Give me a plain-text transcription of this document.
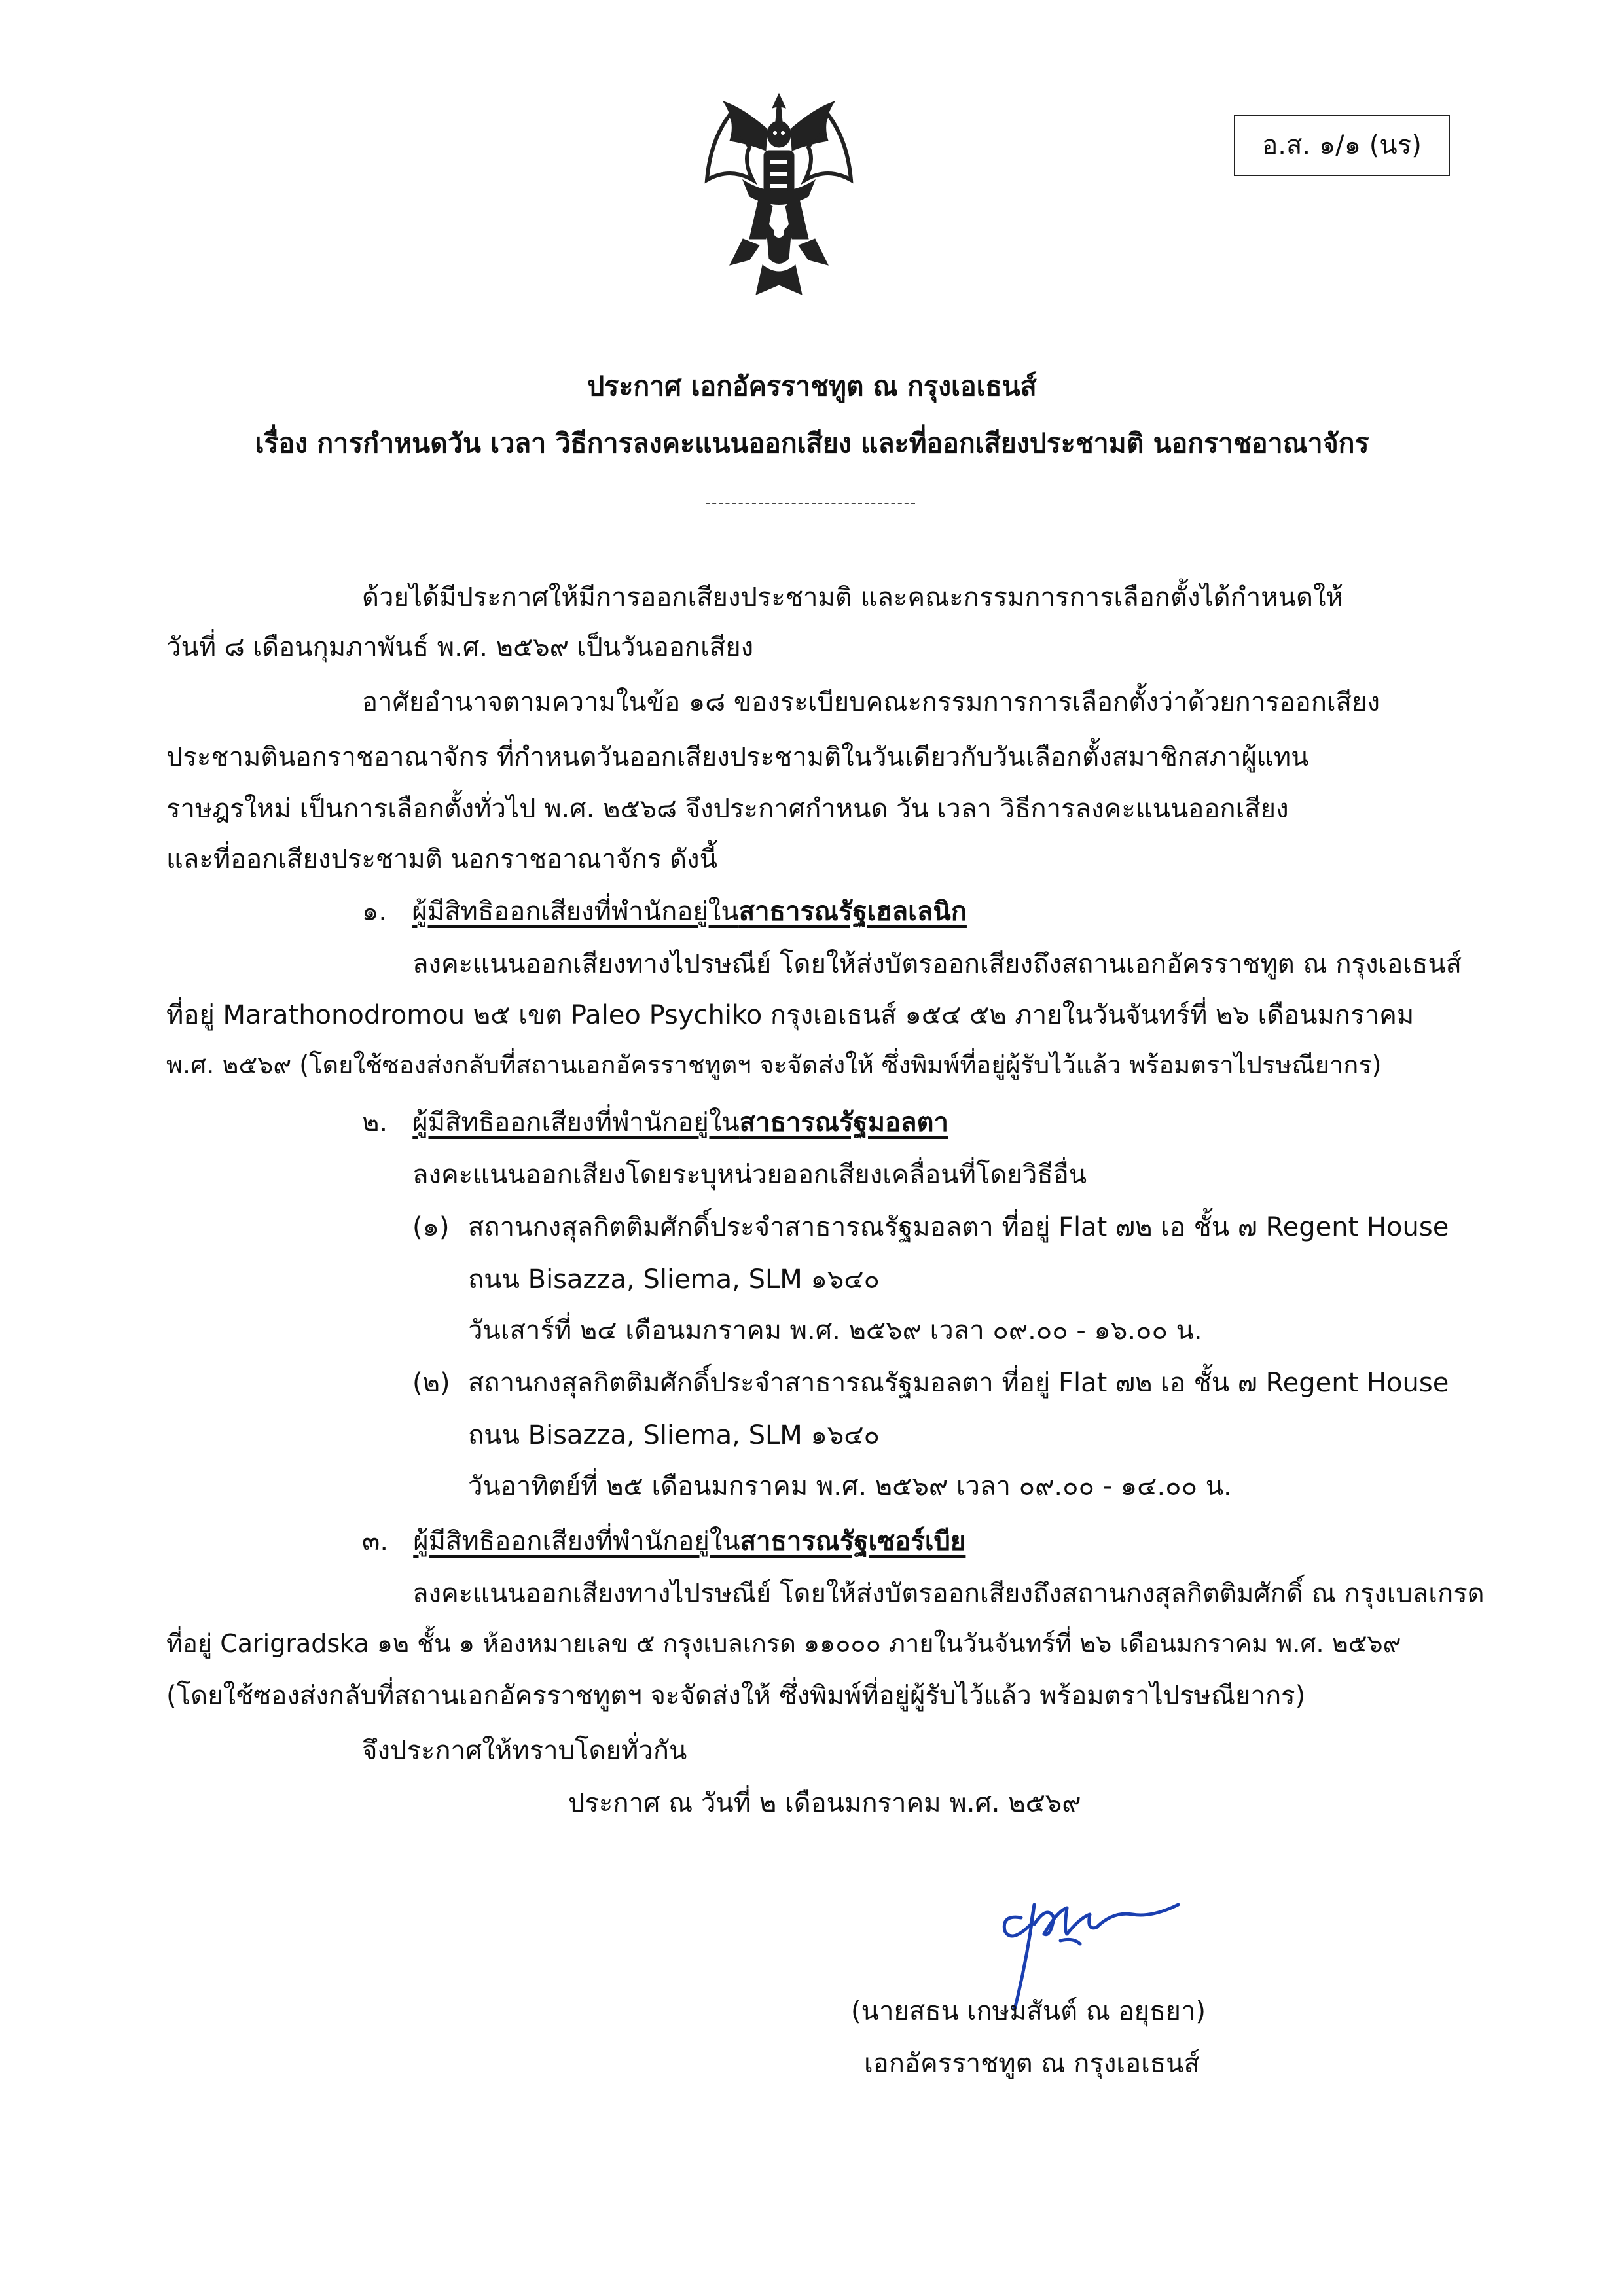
อ.ส. ๑/๑ (นร)
ประกาศ เอกอัครราชทูต ณ กรุงเอเธนส์
เรื่อง การกำหนดวัน เวลา วิธีการลงคะแนนออกเสียง และที่ออกเสียงประชามติ นอกราชอาณาจักร
ด้วยได้มีประกาศให้มีการออกเสียงประชามติ และคณะกรรมการการเลือกตั้งได้กำหนดให้
วันที่ ๘ เดือนกุมภาพันธ์ พ.ศ. ๒๕๖๙ เป็นวันออกเสียง
อาศัยอำนาจตามความในข้อ ๑๘ ของระเบียบคณะกรรมการการเลือกตั้งว่าด้วยการออกเสียง
ประชามตินอกราชอาณาจักร ที่กำหนดวันออกเสียงประชามติในวันเดียวกับวันเลือกตั้งสมาชิกสภาผู้แทน
ราษฎรใหม่ เป็นการเลือกตั้งทั่วไป พ.ศ. ๒๕๖๘ จึงประกาศกำหนด วัน เวลา วิธีการลงคะแนนออกเสียง
และที่ออกเสียงประชามติ นอกราชอาณาจักร ดังนี้
๑. ผู้มีสิทธิออกเสียงที่พำนักอยู่ในสาธารณรัฐเฮลเลนิก
ลงคะแนนออกเสียงทางไปรษณีย์ โดยให้ส่งบัตรออกเสียงถึงสถานเอกอัครราชทูต ณ กรุงเอเธนส์
ที่อยู่ Marathonodromou ๒๕ เขต Paleo Psychiko กรุงเอเธนส์ ๑๕๔ ๕๒ ภายในวันจันทร์ที่ ๒๖ เดือนมกราคม
พ.ศ. ๒๕๖๙ (โดยใช้ซองส่งกลับที่สถานเอกอัครราชทูตฯ จะจัดส่งให้ ซึ่งพิมพ์ที่อยู่ผู้รับไว้แล้ว พร้อมตราไปรษณียากร)
๒. ผู้มีสิทธิออกเสียงที่พำนักอยู่ในสาธารณรัฐมอลตา
ลงคะแนนออกเสียงโดยระบุหน่วยออกเสียงเคลื่อนที่โดยวิธีอื่น
(๑) สถานกงสุลกิตติมศักดิ์ประจำสาธารณรัฐมอลตา ที่อยู่ Flat ๗๒ เอ ชั้น ๗ Regent House
ถนน Bisazza, Sliema, SLM ๑๖๔๐
วันเสาร์ที่ ๒๔ เดือนมกราคม พ.ศ. ๒๕๖๙ เวลา ๐๙.๐๐ - ๑๖.๐๐ น.
(๒) สถานกงสุลกิตติมศักดิ์ประจำสาธารณรัฐมอลตา ที่อยู่ Flat ๗๒ เอ ชั้น ๗ Regent House
ถนน Bisazza, Sliema, SLM ๑๖๔๐
วันอาทิตย์ที่ ๒๕ เดือนมกราคม พ.ศ. ๒๕๖๙ เวลา ๐๙.๐๐ - ๑๔.๐๐ น.
๓. ผู้มีสิทธิออกเสียงที่พำนักอยู่ในสาธารณรัฐเซอร์เบีย
ลงคะแนนออกเสียงทางไปรษณีย์ โดยให้ส่งบัตรออกเสียงถึงสถานกงสุลกิตติมศักดิ์ ณ กรุงเบลเกรด
ที่อยู่ Carigradska ๑๒ ชั้น ๑ ห้องหมายเลข ๕ กรุงเบลเกรด ๑๑๐๐๐ ภายในวันจันทร์ที่ ๒๖ เดือนมกราคม พ.ศ. ๒๕๖๙
(โดยใช้ซองส่งกลับที่สถานเอกอัครราชทูตฯ จะจัดส่งให้ ซึ่งพิมพ์ที่อยู่ผู้รับไว้แล้ว พร้อมตราไปรษณียากร)
จึงประกาศให้ทราบโดยทั่วกัน
ประกาศ ณ วันที่ ๒ เดือนมกราคม พ.ศ. ๒๕๖๙
(นายสธน เกษมสันต์ ณ อยุธยา)
เอกอัครราชทูต ณ กรุงเอเธนส์
